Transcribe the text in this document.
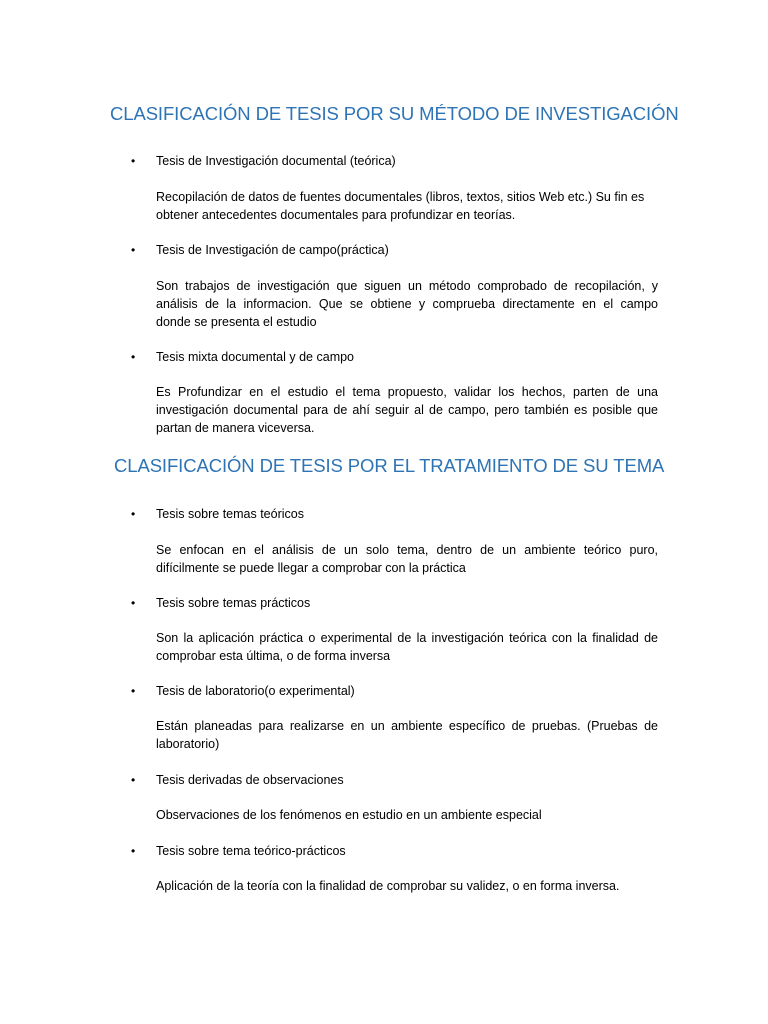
CLASIFICACIÓN DE TESIS POR SU MÉTODO DE INVESTIGACIÓN
• Tesis de Investigación documental (teórica)

Recopilación de datos de fuentes documentales (libros, textos, sitios Web etc.) Su fin es
obtener antecedentes documentales para profundizar en teorías.

• Tesis de Investigación de campo(práctica)

Son trabajos de investigación que siguen un método comprobado de recopilación, y
análisis de la informacion. Que se obtiene y comprueba directamente en el campo
donde se presenta el estudio

• Tesis mixta documental y de campo

Es Profundizar en el estudio el tema propuesto, validar los hechos, parten de una
investigación documental para de ahí seguir al de campo, pero también es posible que
partan de manera viceversa.

CLASIFICACIÓN DE TESIS POR EL TRATAMIENTO DE SU TEMA
• Tesis sobre temas teóricos

Se enfocan en el análisis de un solo tema, dentro de un ambiente teórico puro,
difícilmente se puede llegar a comprobar con la práctica

• Tesis sobre temas prácticos

Son la aplicación práctica o experimental de la investigación teórica con la finalidad de
comprobar esta última, o de forma inversa

• Tesis de laboratorio(o experimental)

Están planeadas para realizarse en un ambiente específico de pruebas. (Pruebas de
laboratorio)

• Tesis derivadas de observaciones

Observaciones de los fenómenos en estudio en un ambiente especial

• Tesis sobre tema teórico-prácticos

Aplicación de la teoría con la finalidad de comprobar su validez, o en forma inversa.
